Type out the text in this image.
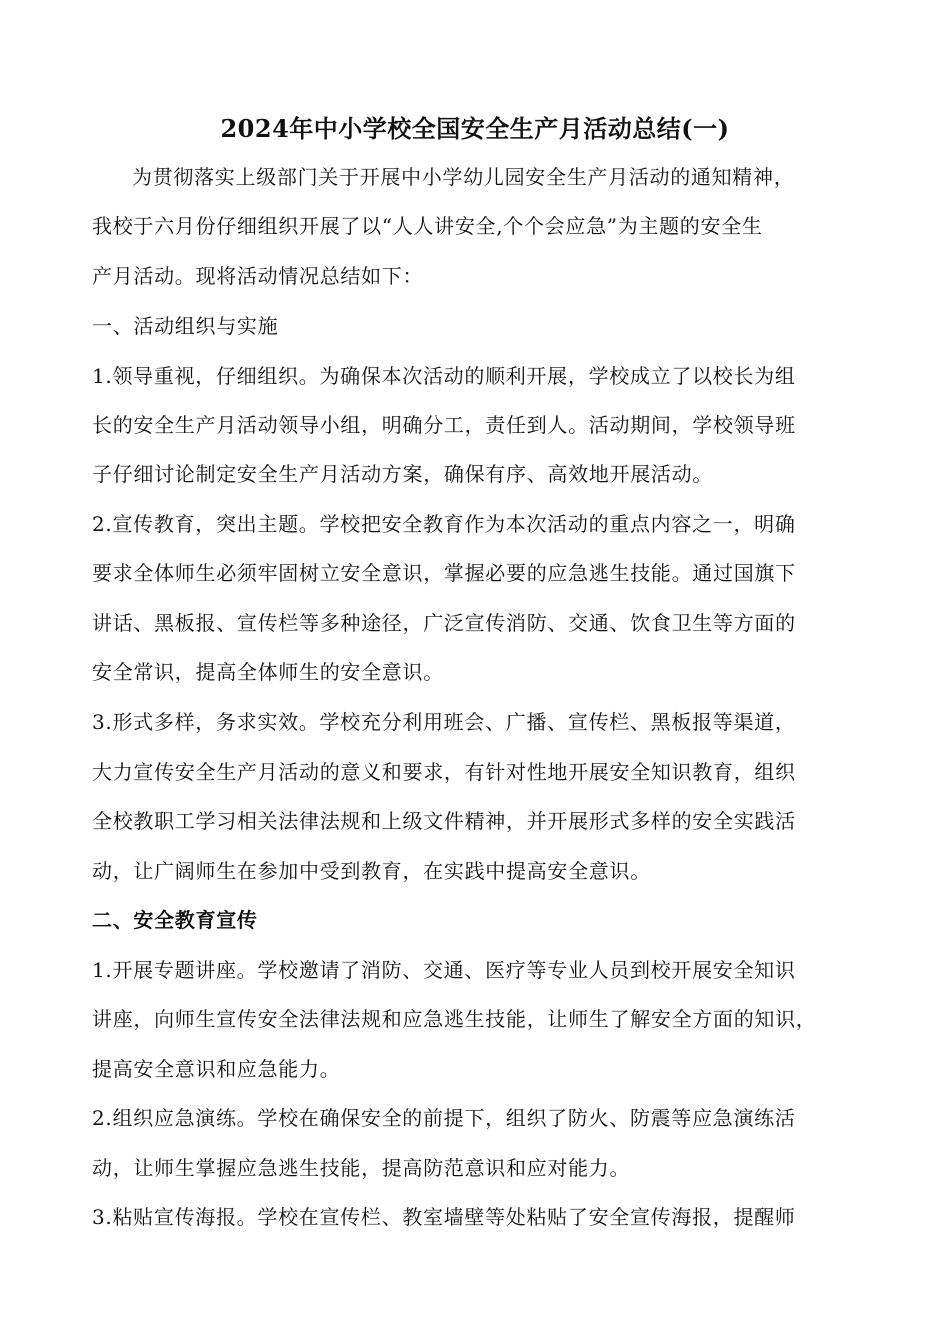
2024年中小学校全国安全生产月活动总结(一)

为贯彻落实上级部门关于开展中小学幼儿园安全生产月活动的通知精神，

我校于六月份仔细组织开展了以“人人讲安全,个个会应急”为主题的安全生

产月活动。现将活动情况总结如下：

一、活动组织与实施

1.领导重视，仔细组织。为确保本次活动的顺利开展，学校成立了以校长为组

长的安全生产月活动领导小组，明确分工，责任到人。活动期间，学校领导班

子仔细讨论制定安全生产月活动方案，确保有序、高效地开展活动。

2.宣传教育，突出主题。学校把安全教育作为本次活动的重点内容之一，明确

要求全体师生必须牢固树立安全意识，掌握必要的应急逃生技能。通过国旗下

讲话、黑板报、宣传栏等多种途径，广泛宣传消防、交通、饮食卫生等方面的

安全常识，提高全体师生的安全意识。

3.形式多样，务求实效。学校充分利用班会、广播、宣传栏、黑板报等渠道，

大力宣传安全生产月活动的意义和要求，有针对性地开展安全知识教育，组织

全校教职工学习相关法律法规和上级文件精神，并开展形式多样的安全实践活

动，让广阔师生在参加中受到教育，在实践中提高安全意识。

二、安全教育宣传

1.开展专题讲座。学校邀请了消防、交通、医疗等专业人员到校开展安全知识

讲座，向师生宣传安全法律法规和应急逃生技能，让师生了解安全方面的知识，

提高安全意识和应急能力。

2.组织应急演练。学校在确保安全的前提下，组织了防火、防震等应急演练活

动，让师生掌握应急逃生技能，提高防范意识和应对能力。

3.粘贴宣传海报。学校在宣传栏、教室墙壁等处粘贴了安全宣传海报，提醒师
